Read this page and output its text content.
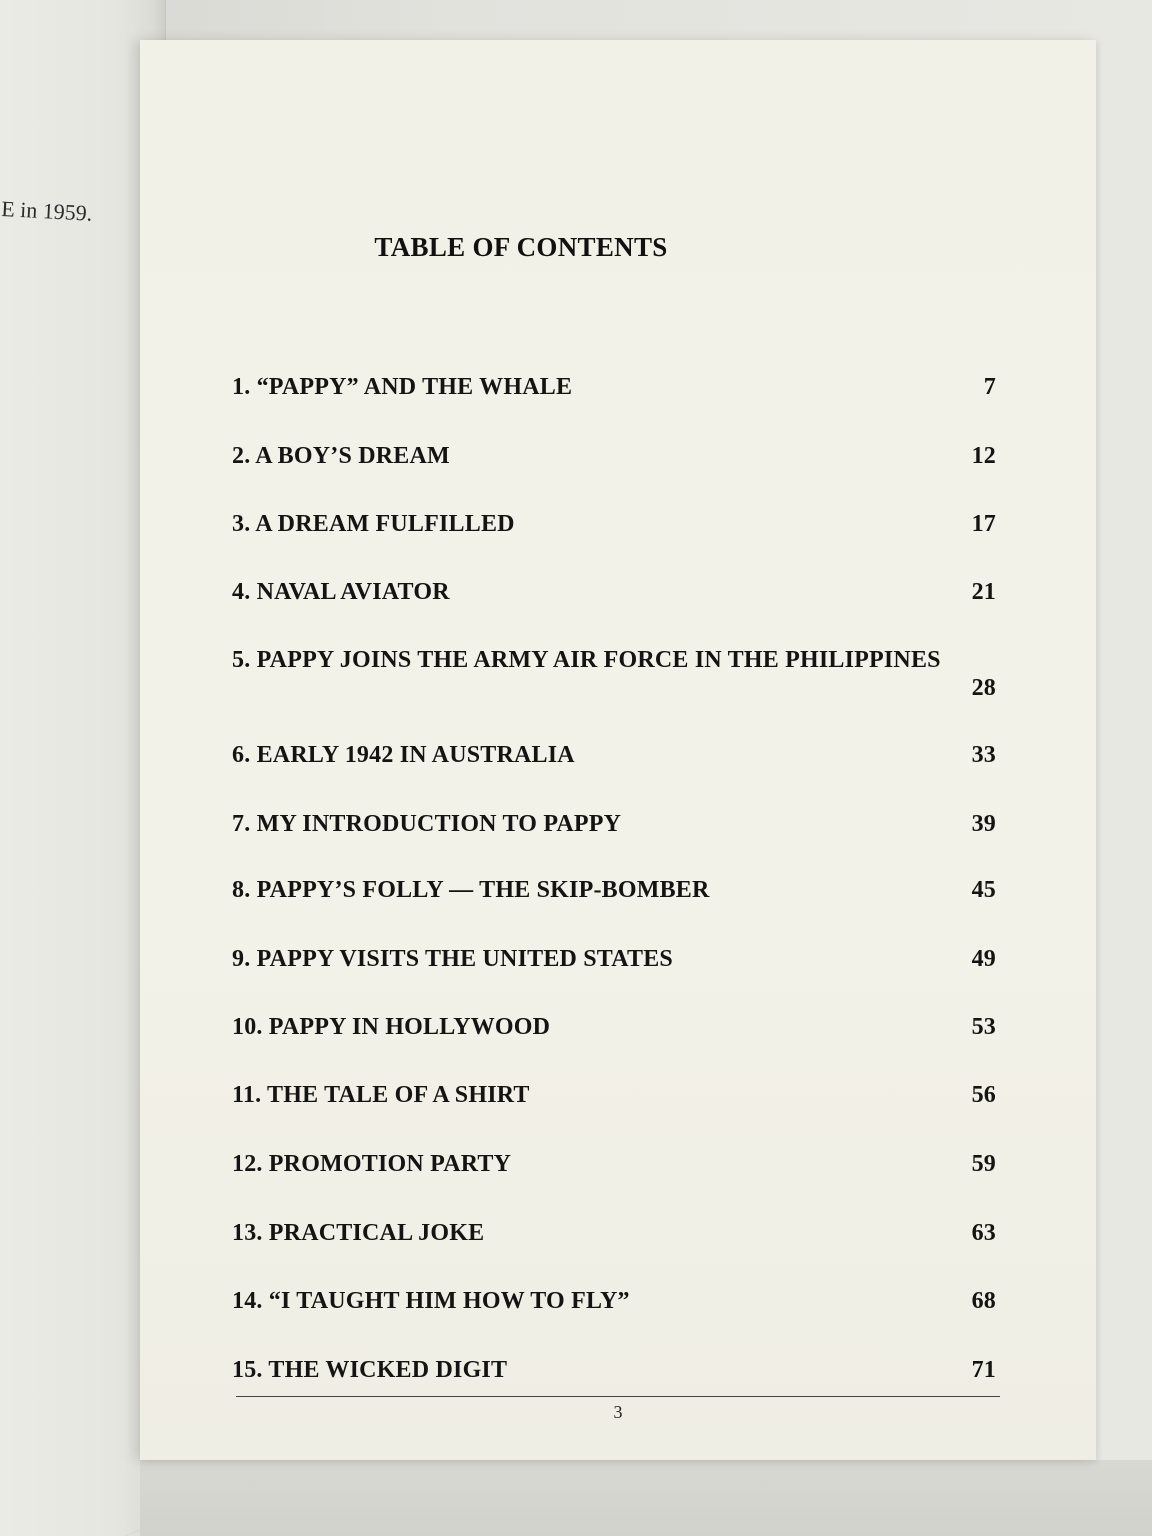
E in 1959.
TABLE OF CONTENTS
1. “PAPPY” AND THE WHALE	7
2. A BOY’S DREAM	12
3. A DREAM FULFILLED	17
4. NAVAL AVIATOR	21
5. PAPPY JOINS THE ARMY AIR FORCE IN THE PHILIPPINES
28
6. EARLY 1942 IN AUSTRALIA	33
7. MY INTRODUCTION TO PAPPY	39
8. PAPPY’S FOLLY — THE SKIP-BOMBER	45
9. PAPPY VISITS THE UNITED STATES	49
10. PAPPY IN HOLLYWOOD	53
11. THE TALE OF A SHIRT	56
12. PROMOTION PARTY	59
13. PRACTICAL JOKE	63
14. “I TAUGHT HIM HOW TO FLY”	68
15. THE WICKED DIGIT	71
3
